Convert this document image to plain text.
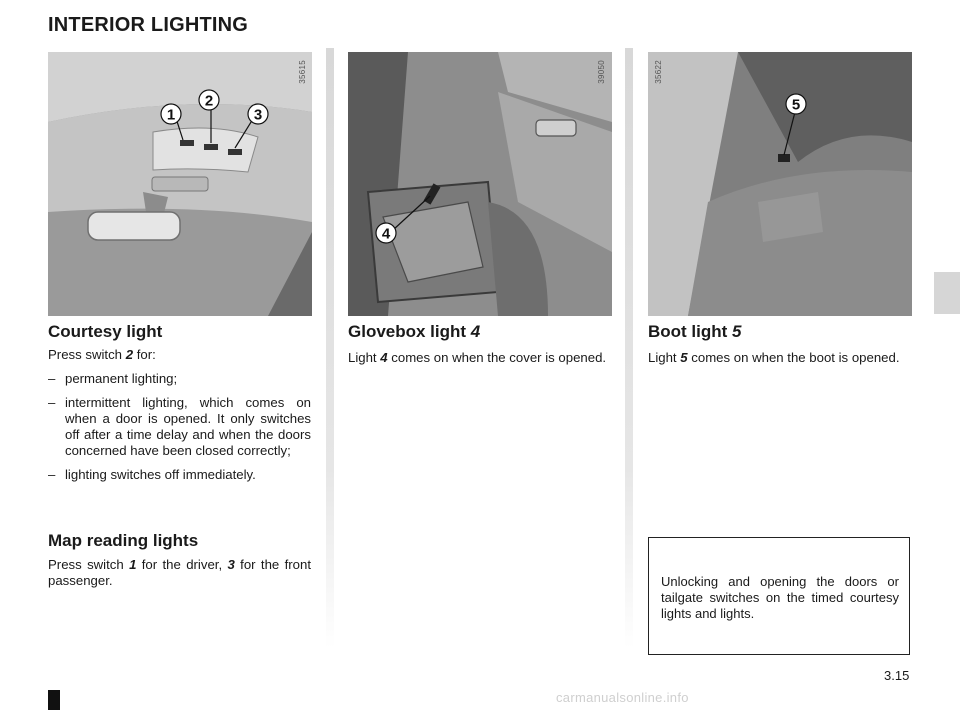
INTERIOR LIGHTING
1
2
3
35615
4
39050
5
35622
Courtesy light

Press switch 2 for:

– permanent lighting;
– intermittent lighting, which comes on when a door is opened. It only switches off after a time delay and when the doors concerned have been closed correctly;
– lighting switches off immediately.
Map reading lights
Press switch 1 for the driver, 3 for the front passenger.
Glovebox light 4
Light 4 comes on when the cover is opened.
Boot light 5
Light 5 comes on when the boot is opened.

Unlocking and opening the doors or tailgate switches on the timed courtesy lights and lights.

3.15
carmanualsonline.info
